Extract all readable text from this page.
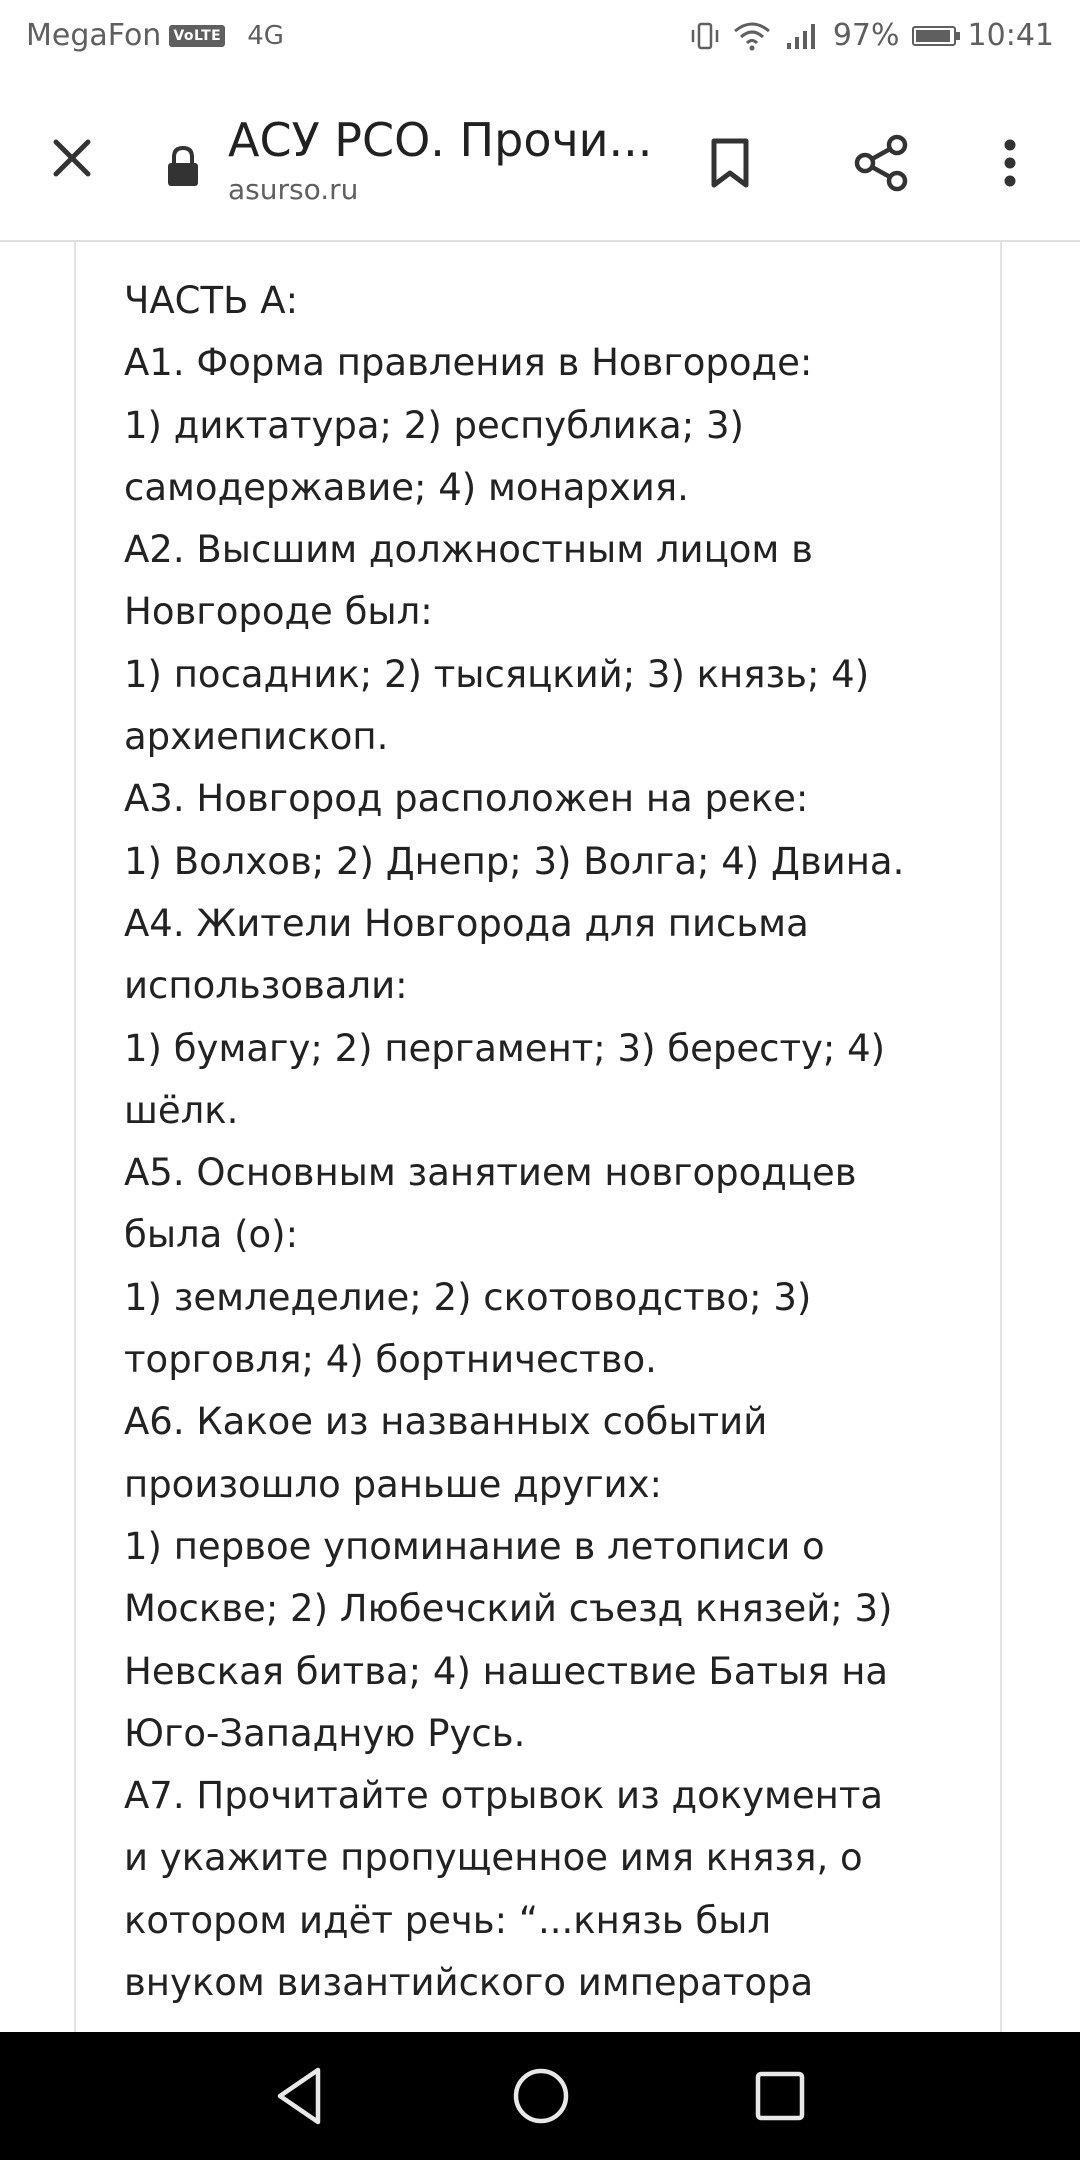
MegaFon VoLTE 4G	97% 10:41
АСУ РСО. Прочи...
asurso.ru
ЧАСТЬ А:
А1. Форма правления в Новгороде:
1) диктатура; 2) республика; 3)
самодержавие; 4) монархия.
А2. Высшим должностным лицом в
Новгороде был:
1) посадник; 2) тысяцкий; 3) князь; 4)
архиепископ.
А3. Новгород расположен на реке:
1) Волхов; 2) Днепр; 3) Волга; 4) Двина.
А4. Жители Новгорода для письма
использовали:
1) бумагу; 2) пергамент; 3) бересту; 4)
шёлк.
А5. Основным занятием новгородцев
была (о):
1) земледелие; 2) скотоводство; 3)
торговля; 4) бортничество.
А6. Какое из названных событий
произошло раньше других:
1) первое упоминание в летописи о
Москве; 2) Любечский съезд князей; 3)
Невская битва; 4) нашествие Батыя на
Юго-Западную Русь.
А7. Прочитайте отрывок из документа
и укажите пропущенное имя князя, о
котором идёт речь: “...князь был
внуком византийского императора
